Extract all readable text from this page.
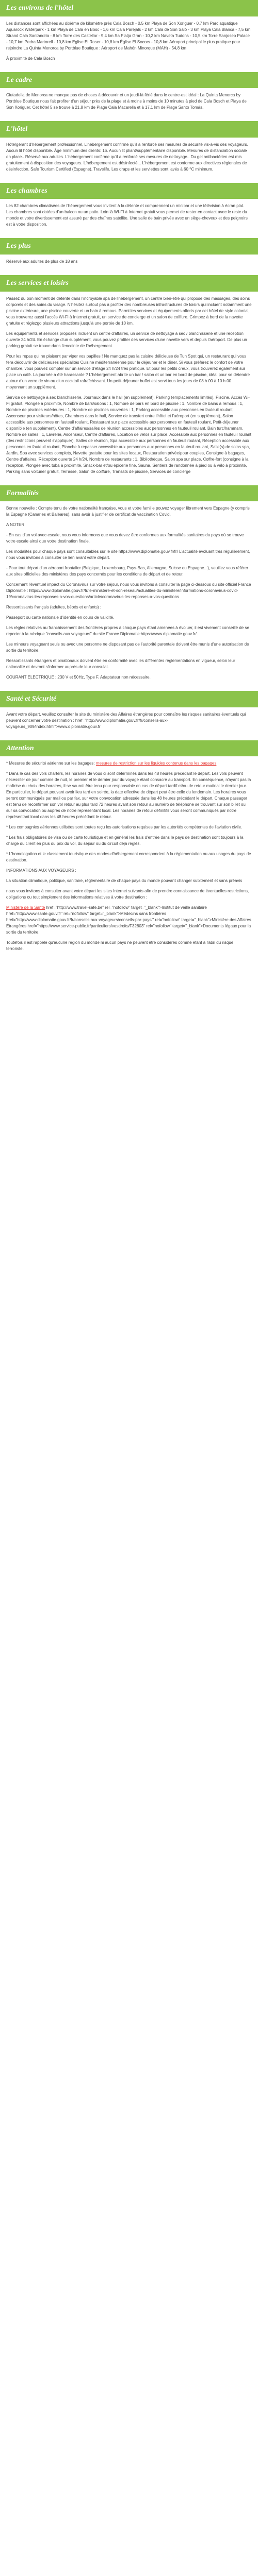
Les environs de l'hôtel

Les distances sont affichées au dixième de kilomètre près Cala Bosch - 0,5 km Playa de Son Xoriguer - 0,7 km Parc aquatique Aquarock Waterpark - 1 km Playa de Cala en Bosc - 1,6 km Cala Parejals - 2 km Cala de Son Saló - 3 km Playa Cala Blanca - 7,5 km Strand Cala Santandria - 8 km Torre des Castellar - 9,4 km Sa Platja Gran - 10,2 km Naveta Tudons - 10,5 km Torre Sanjosep Palace - 10,7 km Pedra Martorell - 10,8 km Eglise El Roser - 10,8 km Église El Socors - 10,8 km Aéroport principal le plus pratique pour rejoindre La Quinta Menorca by Portblue Boutique : Aéroport de Mahón Minorque (MAH) - 54,8 km

À proximité de Cala Bosch

Le cadre

Ciutadella de Menorca ne manque pas de choses à découvrir et un jeudi-là férié dans le centre-est idéal : La Quinta Menorca by Portblue Boutique nous fait profiter d'un séjour près de la plage et à moins à moins de 10 minutes à pied de Cala Bosch et Playa de Son Xoriguer. Cet hôtel 5 se trouve à 21,8 km de Plage Cala Macarella et à 17,1 km de Plage Santo Tomás.

L'hôtel

Hôte/gérant d'hébergement professionnel, L'hébergement confirme qu'il a renforcé ses mesures de sécurité vis-à-vis des voyageurs. Aucun lit hôtel disponible. Âge minimum des clients: 16. Aucun lit pliant/supplémentaire disponible. Mesures de distanciation sociale en place.. Réservé aux adultes. L'hébergement confirme qu'il a renforcé ses mesures de nettoyage.. Du gel antibactérien est mis gratuitement à disposition des voyageurs. L'hébergement est désinfecté... L'hébergement est conforme aux directives régionales de désinfection. Safe Tourism Certified (Espagne), Travelife. Les draps et les serviettes sont lavés à 60 °C minimum.

Les chambres

Les 82 chambres climatisées de l'hébergement vous invitent à la détente et comprennent un minibar et une télévision à écran plat. Les chambres sont dotées d'un balcon ou un patio. Loin là WI-FI à Internet gratuit vous permet de rester en contact avec le reste du monde et votre divertissement est assuré par des chaînes satellite. Une salle de bain privée avec un siège-cheveux et des peignoirs est à votre disposition.

Les plus

Réservé aux adultes de plus de 18 ans

Les services et loisirs

Passez du bon moment de détente dans l'incroyable spa de l'hébergement, un centre bien-être qui propose des massages, des soins corporels et des soins du visage. N'hésitez surtout pas à profiter des nombreuses infrastructures de loisirs qui incluent notamment une piscine extérieure, une piscine couverte et un bain à remous. Parmi les services et équipements offerts par cet hôtel de style colonial, vous trouverez aussi l'accès Wi-Fi à Internet gratuit, un service de concierge et un salon de coiffure. Grimpez à bord de la navette gratuite et réglezgo plusieurs attractions jusqu'à une portée de 10 km.

Les équipements et services proposés incluent un centre d'affaires, un service de nettoyage à sec / blanchisserie et une réception ouverte 24 h/24. En échange d'un supplément, vous pouvez profiter des services d'une navette vers et depuis l'aéroport. De plus un parking gratuit se trouve dans l'enceinte de l'hébergement.

Pour les repas qui ne plaisent par viper vos papilles ! Ne manquez pas la cuisine délicieuse de Tun Spot qui, un restaurant qui vous fera découvrir de délicieuses spécialités Cuisine méditerranéenne pour le déjeuner et le dîner. Si vous préférez le confort de votre chambre, vous pouvez compter sur un service d'étage 24 h/24 très pratique. Et pour les petits creux, vous trouverez également sur place un café. La journée a été harassante ? L'hébergement abrite un bar / salon et un bar en bord de piscine, idéal pour se détendre autour d'un verre de vin ou d'un cocktail rafraîchissant. Un petit-déjeuner buffet est servi tous les jours de 08 h 00 à 10 h 00 moyennant un supplément.

Service de nettoyage à sec blanchisserie, Journaux dans le hall (en supplément), Parking (emplacements limités), Piscine, Accès Wi-Fi gratuit, Plongée à proximité, Nombre de bars/salons : 1, Nombre de bars en bord de piscine : 1, Nombre de bains à remous : 1, Nombre de piscines extérieures : 1, Nombre de piscines couvertes : 1, Parking accessible aux personnes en fauteuil roulant, Ascenseur pour visiteurs/hôtes, Chambres dans le hall, Service de transfert entre l'hôtel et l'aéroport (en supplément), Salon accessible aux personnes en fauteuil roulant, Restaurant sur place accessible aux personnes en fauteuil roulant, Petit-déjeuner disponible (en supplément), Centre d'affaires/salles de réunion accessibles aux personnes en fauteuil roulant, Bain turc/hammam, Nombre de salles : 1, Lavrerie, Ascenseur, Centre d'affaires, Location de vélos sur place, Accessible aux personnes en fauteuil roulant (des restrictions peuvent s'appliquer), Salles de réunion, Spa accessible aux personnes en fauteuil roulant, Réception accessible aux personnes en fauteuil roulant, Planche à repasser accessible aux personnes aux personnes en fauteuil roulant, Salle(s) de soins spa, Jardin, Spa avec services complets, Navette gratuite pour les sites locaux, Restauration privée/pour couples, Consigne à bagages, Centre d'affaires, Réception ouverte 24 h/24, Nombre de restaurants : 1, Bibliothèque, Salon spa sur place, Coffre-fort (consigne à la réception, Plongée avec tuba à proximité, Snack-bar et/ou épicerie fine, Sauna, Sentiers de randonnée à pied ou à vélo à proximité, Parking sans voiturier gratuit, Terrasse, Salon de coiffure, Transats de piscine, Services de concierge

Formalités

Bonne nouvelle : Compte tenu de votre nationalité française, vous et votre famille pouvez voyager librement vers Espagne (y compris la Espagne (Canaries et Baléares), sans avoir à justifier de certificat de vaccination Covid.

A NOTER

- En cas d'un vol avec escale, nous vous informons que vous devez être conformes aux formalités sanitaires du pays où se trouve votre escale ainsi que votre destination finale.

Les modalités pour chaque pays sont consultables sur le site https://www.diplomatie.gouv.fr/fr/ L'actualité évoluant très régulièrement, nous vous invitons à consulter ce lien avant votre départ.

- Pour tout départ d'un aéroport frontalier (Belgique, Luxembourg, Pays-Bas, Allemagne, Suisse ou Espagne...), veuillez vous référer aux sites officielles des ministères des pays concernés pour les conditions de départ et de retour.

Concernant l'éventuel impact du Coronavirus sur votre séjour, nous vous invitons à consulter la page ci-dessous du site officiel France Diplomatie : https://www.diplomatie.gouv.fr/fr/le-ministere-et-son-reseau/actualites-du-ministere/informations-coronavirus-covid-19/coronavirus-les-reponses-a-vos-questions/article/coronavirus-les-reponses-a-vos-questions

Ressortissants français (adultes, bébés et enfants) :

Passeport ou carte nationale d'identité en cours de validité.

Les règles relatives au franchissement des frontières propres à chaque pays étant amenées à évoluer, il est vivement conseillé de se reporter à la rubrique "conseils aux voyageurs" du site France Diplomatie:https://www.diplomatie.gouv.fr/.

Les mineurs voyageant seuls ou avec une personne ne disposant pas de l'autorité parentale doivent être munis d'une autorisation de sortie du territoire.

Ressortissants étrangers et binationaux doivent être en conformité avec les différentes réglementations en vigueur, selon leur nationalité et devront s'informer auprès de leur consulat.

COURANT ELECTRIQUE : 230 V et 50Hz, Type F. Adaptateur non nécessaire.

Santé et Sécurité

Avant votre départ, veuillez consulter le site du ministère des Affaires étrangères pour connaître les risques sanitaires éventuels qui peuvent concerner votre destination : href="http://www.diplomatie.gouv.fr/fr/conseils-aux-voyageurs_909/index.html">www.diplomatie.gouv.fr

Attention

* Mesures de sécurité aérienne sur les bagages: mesures de restriction sur les liquides contenus dans les bagages

* Dans le cas des vols charters, les horaires de vous ci sont déterminés dans les 48 heures précédant le départ. Les vols peuvent nécessiter de jour comme de nuit, le premier et le dernier jour du voyage étant consacré au transport. En conséquence, n'ayant pas la maîtrise du choix des horaires, il se sauroit être tenu pour responsable en cas de départ tardif et/ou de retour matinal le dernier jour. En particulier, le départ pouvant avoir lieu tard en soirée, la date effective de départ peut être celle du lendemain. Les horaires vous seront communiqués par mail ou par fax, sur votre convocation adressée dans les 48 heures précédant le départ. Chaque passager est tenu de reconfirmer son vol retour au plus tard 72 heures avant son retour au numéro de téléphone se trouvant sur son billet ou sur sa convocation ou auprès de notre représentant local. Les horaires de retour définitifs vous seront communiqués par notre représentant local dans les 48 heures précédant le retour.

* Les compagnies aériennes utilisées sont toutes reçu les autorisations requises par les autorités compétentes de l'aviation civile.

* Les frais obligatoires de visa ou de carte touristique et en général les frais d'entrée dans le pays de destination sont toujours à la charge du client en plus du prix du vol, du séjour ou du circuit déjà réglés.

* L'homologation et le classement touristique des modes d'hébergement correspondent à la réglementation ou aux usages du pays de destination.

INFORMATIONS AUX VOYAGEURS :

La situation climatique, politique, sanitaire, réglementaire de chaque pays du monde pouvant changer subitement et sans préavis

nous vous invitons à consulter avant votre départ les sites Internet suivants afin de prendre connaissance de éventuelles restrictions, obligations ou tout simplement des informations relatives à votre destination :

Ministère de la Santé href="http://www.travel-safe.be" rel="nofollow" target="_blank">Institut de veille sanitaire href="http://www.sante.gouv.fr" rel="nofollow" target="_blank">Médecins sans frontières href="http://www.diplomatie.gouv.fr/fr/conseils-aux-voyageurs/conseils-par-pays/" rel="nofollow" target="_blank">Ministère des Affaires Étrangères href="https://www.service-public.fr/particuliers/vosdroits/F32803" rel="nofollow" target="_blank">Documents légaux pour la sortie du territoire.

Toutefois il est rappelé qu'aucune région du monde ni aucun pays ne peuvent être considérés comme étant à l'abri du risque terroriste.
